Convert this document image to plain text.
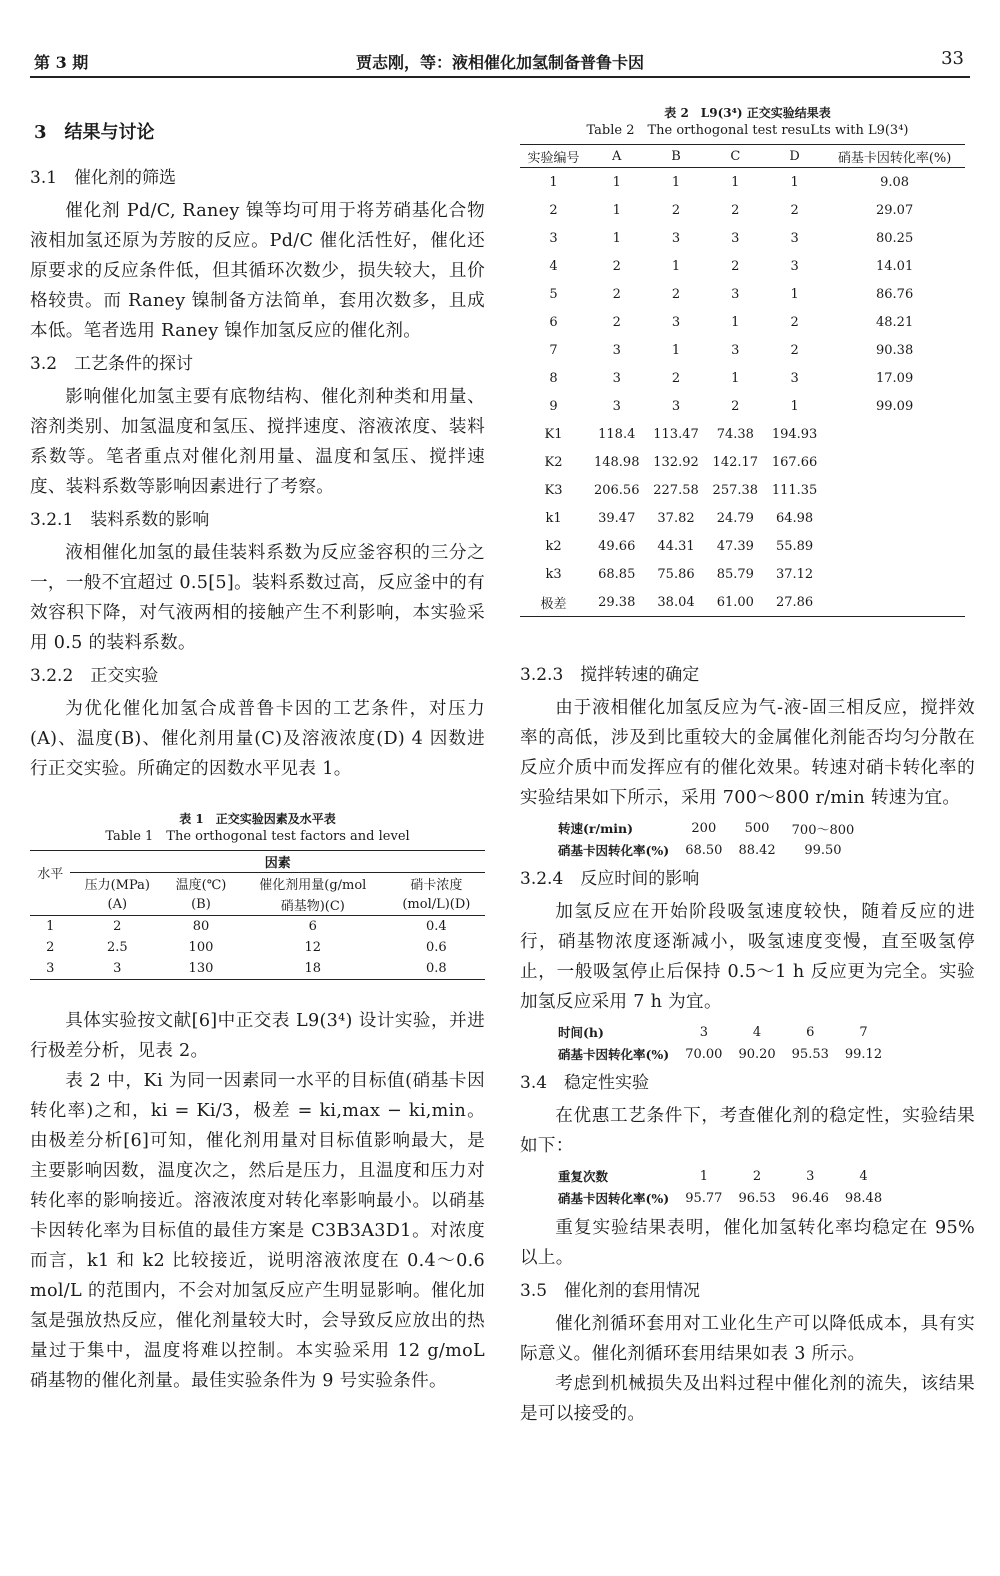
第 3 期	贾志刚，等：液相催化加氢制备普鲁卡因	33
3　结果与讨论
3.1　催化剂的筛选

催化剂 Pd/C, Raney 镍等均可用于将芳硝基化合物液相加氢还原为芳胺的反应。Pd/C 催化活性好，催化还原要求的反应条件低，但其循环次数少，损失较大，且价格较贵。而 Raney 镍制备方法简单，套用次数多，且成本低。笔者选用 Raney 镍作加氢反应的催化剂。

3.2　工艺条件的探讨

影响催化加氢主要有底物结构、催化剂种类和用量、溶剂类别、加氢温度和氢压、搅拌速度、溶液浓度、装料系数等。笔者重点对催化剂用量、温度和氢压、搅拌速度、装料系数等影响因素进行了考察。

3.2.1　装料系数的影响

液相催化加氢的最佳装料系数为反应釜容积的三分之一，一般不宜超过 0.5[5]。装料系数过高，反应釜中的有效容积下降，对气液两相的接触产生不利影响，本实验采用 0.5 的装料系数。

3.2.2　正交实验

为优化催化加氢合成普鲁卡因的工艺条件，对压力(A)、温度(B)、催化剂用量(C)及溶液浓度(D) 4 因数进行正交实验。所确定的因数水平见表 1。

表 1　正交实验因素及水平表
Table 1　The orthogonal test factors and level
水平	因素			
	压力(MPa)	温度(℃)	催化剂用量(g/mol	硝卡浓度
	(A)	(B)	硝基物)(C)	(mol/L)(D)
1	2	80	6	0.4
2	2.5	100	12	0.6
3	3	130	18	0.8

具体实验按文献[6]中正交表 L9(3⁴) 设计实验，并进行极差分析，见表 2。

表 2 中，Ki 为同一因素同一水平的目标值(硝基卡因转化率)之和，ki = Ki/3，极差 = ki,max − ki,min。由极差分析[6]可知，催化剂用量对目标值影响最大，是主要影响因数，温度次之，然后是压力，且温度和压力对转化率的影响接近。溶液浓度对转化率影响最小。以硝基卡因转化率为目标值的最佳方案是 C3B3A3D1。对浓度而言，k1 和 k2 比较接近，说明溶液浓度在 0.4～0.6 mol/L 的范围内，不会对加氢反应产生明显影响。催化加氢是强放热反应，催化剂量较大时，会导致反应放出的热量过于集中，温度将难以控制。本实验采用 12 g/moL 硝基物的催化剂量。最佳实验条件为 9 号实验条件。

表 2　L9(3⁴) 正交实验结果表
Table 2　The orthogonal test resuLts with L9(3⁴)
实验编号	A	B	C	D	硝基卡因转化率(%)
1	1	1	1	1	9.08
2	1	2	2	2	29.07
3	1	3	3	3	80.25
4	2	1	2	3	14.01
5	2	2	3	1	86.76
6	2	3	1	2	48.21
7	3	1	3	2	90.38
8	3	2	1	3	17.09
9	3	3	2	1	99.09
K1	118.4	113.47	74.38	194.93	
K2	148.98	132.92	142.17	167.66	
K3	206.56	227.58	257.38	111.35	
k1	39.47	37.82	24.79	64.98	
k2	49.66	44.31	47.39	55.89	
k3	68.85	75.86	85.79	37.12	
极差	29.38	38.04	61.00	27.86	
3.2.3　搅拌转速的确定

由于液相催化加氢反应为气-液-固三相反应，搅拌效率的高低，涉及到比重较大的金属催化剂能否均匀分散在反应介质中而发挥应有的催化效果。转速对硝卡转化率的实验结果如下所示，采用 700～800 r/min 转速为宜。

转速(r/min)	200	500	700～800
硝基卡因转化率(%)	68.50	88.42	99.50
3.2.4　反应时间的影响

加氢反应在开始阶段吸氢速度较快，随着反应的进行，硝基物浓度逐渐减小，吸氢速度变慢，直至吸氢停止，一般吸氢停止后保持 0.5～1 h 反应更为完全。实验加氢反应采用 7 h 为宜。

时间(h)	3	4	6	7
硝基卡因转化率(%)	70.00	90.20	95.53	99.12
3.4　稳定性实验

在优惠工艺条件下，考查催化剂的稳定性，实验结果如下：

重复次数	1	2	3	4
硝基卡因转化率(%)	95.77	96.53	96.46	98.48

重复实验结果表明，催化加氢转化率均稳定在 95%以上。

3.5　催化剂的套用情况

催化剂循环套用对工业化生产可以降低成本，具有实际意义。催化剂循环套用结果如表 3 所示。

考虑到机械损失及出料过程中催化剂的流失，该结果是可以接受的。
